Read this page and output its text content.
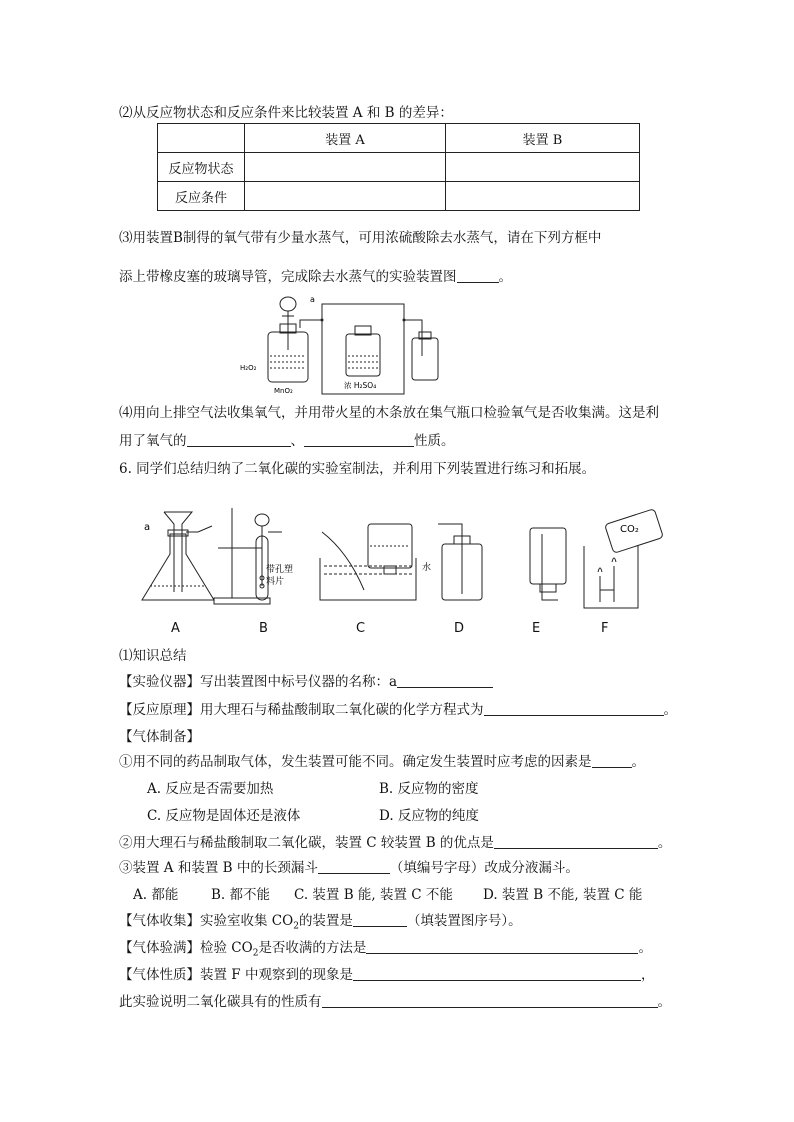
⑵从反应物状态和反应条件来比较装置 A 和 B 的差异：
	装置 A	装置 B
反应物状态		
反应条件		
⑶用装置B制得的氧气带有少量水蒸气，可用浓硫酸除去水蒸气，请在下列方框中
添上带橡皮塞的玻璃导管，完成除去水蒸气的实验装置图	。
a
H₂O₂
MnO₂
浓 H₂SO₄
⑷用向上排空气法收集氧气，并用带火星的木条放在集气瓶口检验氧气是否收集满。这是利
用了氧气的	、	性质。
6. 同学们总结归纳了二氧化碳的实验室制法，并利用下列装置进行练习和拓展。
a
带孔塑
料片
水
CO₂
A	B	C	D	E	F
⑴知识总结
【实验仪器】写出装置图中标号仪器的名称：a
【反应原理】用大理石与稀盐酸制取二氧化碳的化学方程式为	。
【气体制备】
①用不同的药品制取气体，发生装置可能不同。确定发生装置时应考虑的因素是	。
A. 反应是否需要加热	B. 反应物的密度
C. 反应物是固体还是液体	D. 反应物的纯度
②用大理石与稀盐酸制取二氧化碳，装置 C 较装置 B 的优点是	。
③装置 A 和装置 B 中的长颈漏斗	（填编号字母）改成分液漏斗。
A. 都能 B. 都不能 C. 装置 B 能, 装置 C 不能 D. 装置 B 不能, 装置 C 能
【气体收集】实验室收集 $CO_2$的装置是	（填装置图序号）。
【气体验满】检验 $CO_2$是否收满的方法是	。
【气体性质】装置 F 中观察到的现象是	，
此实验说明二氧化碳具有的性质有	。
